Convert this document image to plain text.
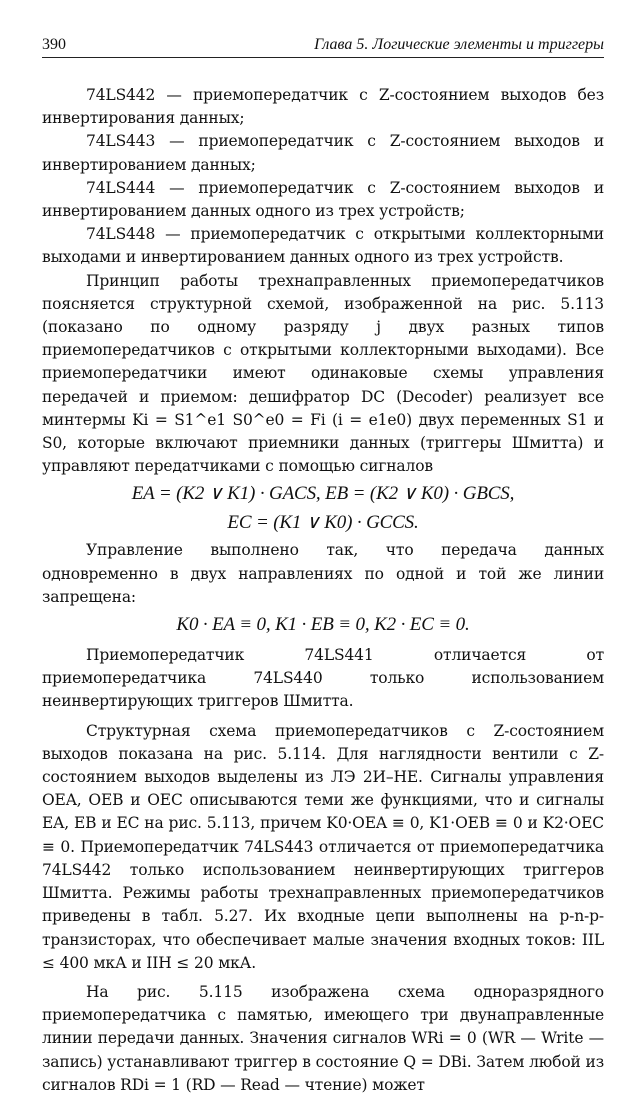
390	Глава 5. Логические элементы и триггеры

74LS442 — приемопередатчик с Z-состоянием выходов без инвертирования данных;

74LS443 — приемопередатчик с Z-состоянием выходов и инвертированием данных;

74LS444 — приемопередатчик с Z-состоянием выходов и инвертированием данных одного из трех устройств;

74LS448 — приемопередатчик с открытыми коллекторными выходами и инвертированием данных одного из трех устройств.

Принцип работы трехнаправленных приемопередатчиков поясняется структурной схемой, изображенной на рис. 5.113 (показано по одному разряду j двух разных типов приемопередатчиков с открытыми коллекторными выходами). Все приемопередатчики имеют одинаковые схемы управления передачей и приемом: дешифратор DC (Decoder) реализует все минтермы Ki = S1^e1 S0^e0 = Fi (i = e1e0) двух переменных S1 и S0, которые включают приемники данных (триггеры Шмитта) и управляют передатчиками с помощью сигналов

EA = (K2 ∨ K1) · GACS, EB = (K2 ∨ K0) · GBCS,
EC = (K1 ∨ K0) · GCCS.

Управление выполнено так, что передача данных одновременно в двух направлениях по одной и той же линии запрещена:

K0 · EA ≡ 0, K1 · EB ≡ 0, K2 · EC ≡ 0.

Приемопередатчик 74LS441 отличается от приемопередатчика 74LS440 только использованием неинвертирующих триггеров Шмитта.

Структурная схема приемопередатчиков с Z-состоянием выходов показана на рис. 5.114. Для наглядности вентили с Z-состоянием выходов выделены из ЛЭ 2И–НЕ. Сигналы управления OEA, OEB и OEC описываются теми же функциями, что и сигналы EA, EB и EC на рис. 5.113, причем K0·OEA ≡ 0, K1·OEB ≡ 0 и K2·OEC ≡ 0. Приемопередатчик 74LS443 отличается от приемопередатчика 74LS442 только использованием неинвертирующих триггеров Шмитта. Режимы работы трехнаправленных приемопередатчиков приведены в табл. 5.27. Их входные цепи выполнены на p-n-p-транзисторах, что обеспечивает малые значения входных токов: IIL ≤ 400 мкА и IIH ≤ 20 мкА.

На рис. 5.115 изображена схема одноразрядного приемопередатчика с памятью, имеющего три двунаправленные линии передачи данных. Значения сигналов WRi = 0 (WR — Write — запись) устанавливают триггер в состояние Q = DBi. Затем любой из сигналов RDi = 1 (RD — Read — чтение) может
